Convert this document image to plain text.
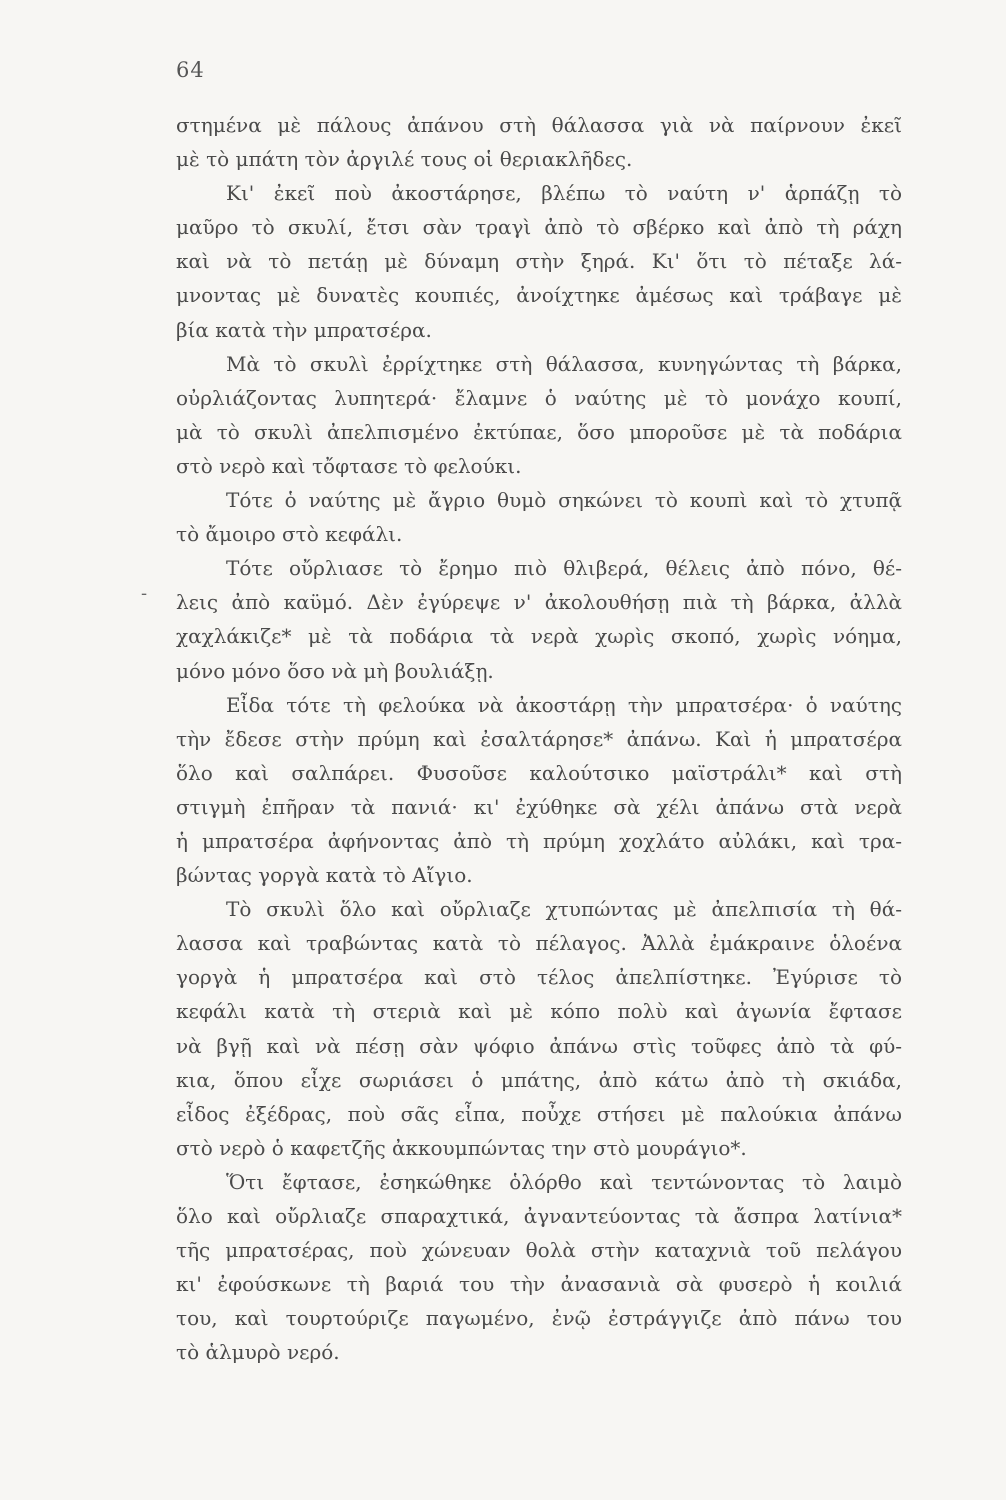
64
-
στημένα μὲ πάλους ἀπάνου στὴ θάλασσα γιὰ νὰ παίρνουν ἐκεῖ
μὲ τὸ μπάτη τὸν ἀργιλέ τους οἱ θεριακλῆδες.
Κι' ἐκεῖ ποὺ ἀκοστάρησε, βλέπω τὸ ναύτη ν' ἁρπάζῃ τὸ
μαῦρο τὸ σκυλί, ἔτσι σὰν τραγὶ ἀπὸ τὸ σβέρκο καὶ ἀπὸ τὴ ράχη
καὶ νὰ τὸ πετάῃ μὲ δύναμη στὴν ξηρά. Κι' ὅτι τὸ πέταξε λά-
μνοντας μὲ δυνατὲς κουπιές, ἀνοίχτηκε ἀμέσως καὶ τράβαγε μὲ
βία κατὰ τὴν μπρατσέρα.
Μὰ τὸ σκυλὶ ἐρρίχτηκε στὴ θάλασσα, κυνηγώντας τὴ βάρκα,
οὐρλιάζοντας λυπητερά· ἔλαμνε ὁ ναύτης μὲ τὸ μονάχο κουπί,
μὰ τὸ σκυλὶ ἀπελπισμένο ἐκτύπαε, ὅσο μποροῦσε μὲ τὰ ποδάρια
στὸ νερὸ καὶ τὄφτασε τὸ φελούκι.
Τότε ὁ ναύτης μὲ ἄγριο θυμὸ σηκώνει τὸ κουπὶ καὶ τὸ χτυπᾷ
τὸ ἄμοιρο στὸ κεφάλι.
Τότε οὔρλιασε τὸ ἔρημο πιὸ θλιβερά, θέλεις ἀπὸ πόνο, θέ-
λεις ἀπὸ καϋμό. Δὲν ἐγύρεψε ν' ἀκολουθήσῃ πιὰ τὴ βάρκα, ἀλλὰ
χαχλάκιζε* μὲ τὰ ποδάρια τὰ νερὰ χωρὶς σκοπό, χωρὶς νόημα,
μόνο μόνο ὅσο νὰ μὴ βουλιάξῃ.
Εἶδα τότε τὴ φελούκα νὰ ἀκοστάρῃ τὴν μπρατσέρα· ὁ ναύτης
τὴν ἔδεσε στὴν πρύμη καὶ ἐσαλτάρησε* ἀπάνω. Καὶ ἡ μπρατσέρα
ὅλο καὶ σαλπάρει. Φυσοῦσε καλούτσικο μαϊστράλι* καὶ στὴ
στιγμὴ ἐπῆραν τὰ πανιά· κι' ἐχύθηκε σὰ χέλι ἀπάνω στὰ νερὰ
ἡ μπρατσέρα ἀφήνοντας ἀπὸ τὴ πρύμη χοχλάτο αὐλάκι, καὶ τρα-
βώντας γοργὰ κατὰ τὸ Αἴγιο.
Τὸ σκυλὶ ὅλο καὶ οὔρλιαζε χτυπώντας μὲ ἀπελπισία τὴ θά-
λασσα καὶ τραβώντας κατὰ τὸ πέλαγος. Ἀλλὰ ἐμάκραινε ὁλοένα
γοργὰ ἡ μπρατσέρα καὶ στὸ τέλος ἀπελπίστηκε. Ἐγύρισε τὸ
κεφάλι κατὰ τὴ στεριὰ καὶ μὲ κόπο πολὺ καὶ ἀγωνία ἔφτασε
νὰ βγῇ καὶ νὰ πέσῃ σὰν ψόφιο ἀπάνω στὶς τοῦφες ἀπὸ τὰ φύ-
κια, ὅπου εἶχε σωριάσει ὁ μπάτης, ἀπὸ κάτω ἀπὸ τὴ σκιάδα,
εἶδος ἐξέδρας, ποὺ σᾶς εἶπα, ποὖχε στήσει μὲ παλούκια ἀπάνω
στὸ νερὸ ὁ καφετζῆς ἀκκουμπώντας την στὸ μουράγιο*.
Ὅτι ἔφτασε, ἐσηκώθηκε ὁλόρθο καὶ τεντώνοντας τὸ λαιμὸ
ὅλο καὶ οὔρλιαζε σπαραχτικά, ἀγναντεύοντας τὰ ἄσπρα λατίνια*
τῆς μπρατσέρας, ποὺ χώνευαν θολὰ στὴν καταχνιὰ τοῦ πελάγου
κι' ἐφούσκωνε τὴ βαριά του τὴν ἀνασανιὰ σὰ φυσερὸ ἡ κοιλιά
του, καὶ τουρτούριζε παγωμένο, ἐνῷ ἐστράγγιζε ἀπὸ πάνω του
τὸ ἁλμυρὸ νερό.
